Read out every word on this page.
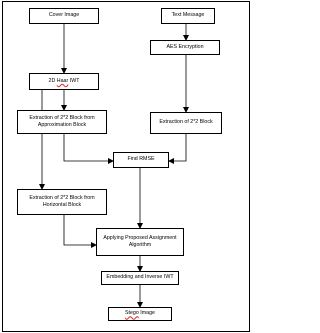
Cover Image	Text Message
AES Encryption
2D Haar IWT
Extraction of 2*2 Block from Approximation Block	Extraction of 2*2 Block
Find RMSE
Extraction of 2*2 Block from Horizontal Block
Applying Proposed Assignment Algorithm
Embedding and Inverse IWT
Stego Image
